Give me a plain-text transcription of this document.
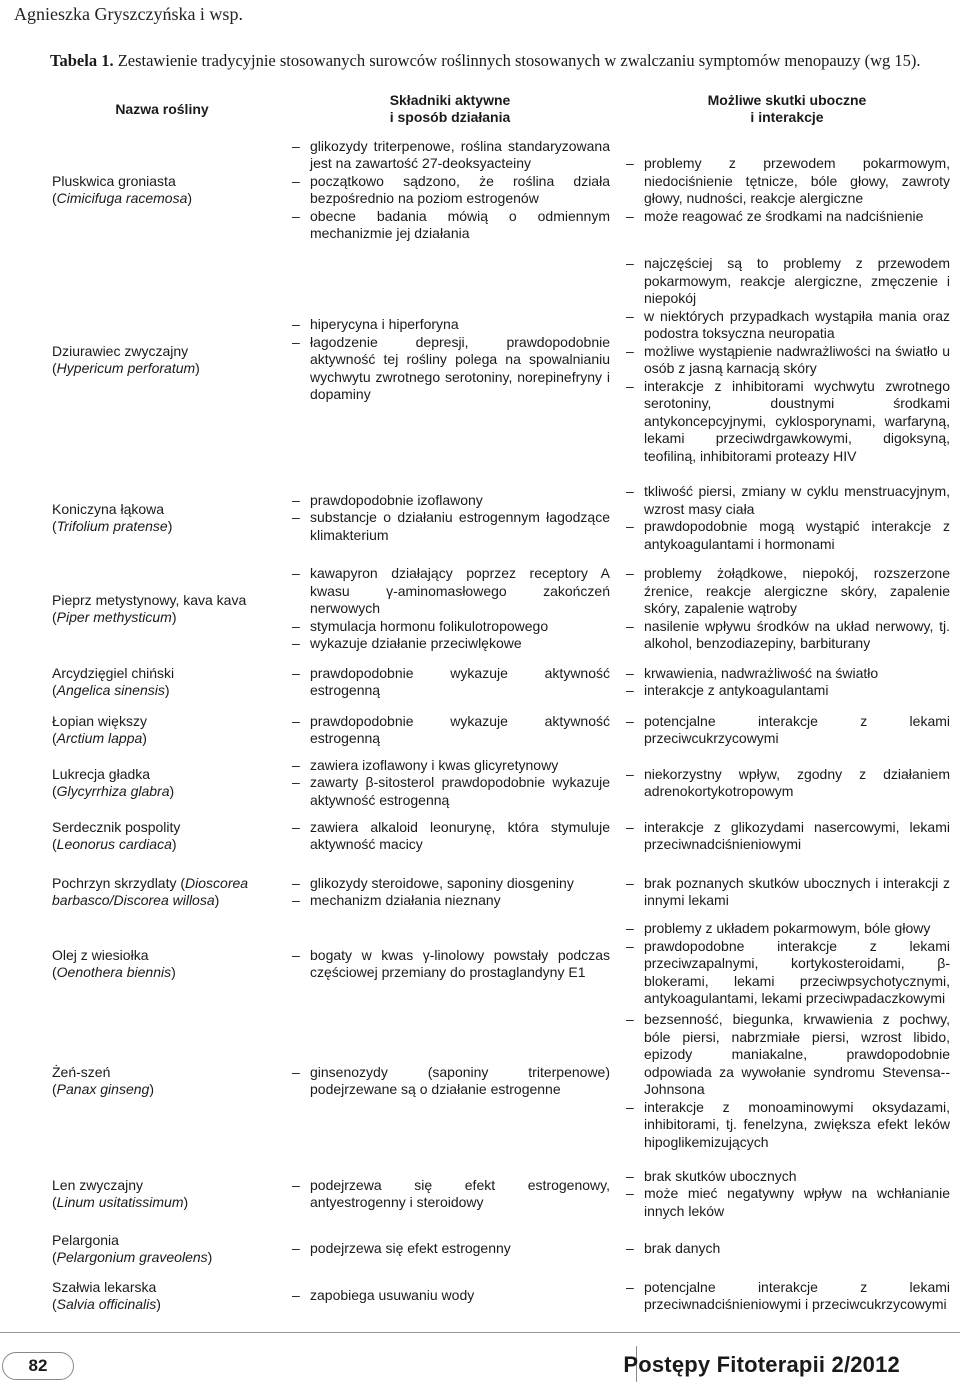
Agnieszka Gryszczyńska i wsp.
Tabela 1. Zestawienie tradycyjnie stosowanych surowców roślinnych stosowanych w zwalczaniu symptomów menopauzy (wg 15).
Nazwa rośliny
Składniki aktywne
i sposób działania
Możliwe skutki uboczne
i interakcje
Pluskwica groniasta
(Cimicifuga racemosa)
– glikozydy triterpenowe, roślina standaryzowana jest na zawartość 27-deoksyacteiny
– początkowo sądzono, że roślina działa bezpośrednio na poziom estrogenów
– obecne badania mówią o odmiennym mechanizmie jej działania
– problemy z przewodem pokarmowym, niedociśnienie tętnicze, bóle głowy, zawroty głowy, nudności, reakcje alergiczne
– może reagować ze środkami na nadciśnienie
Dziurawiec zwyczajny
(Hypericum perforatum)
– hiperycyna i hiperforyna
– łagodzenie depresji, prawdopodobnie aktywność tej rośliny polega na spowalnianiu wychwytu zwrotnego serotoniny, norepinefryny i dopaminy
– najczęściej są to problemy z przewodem pokarmowym, reakcje alergiczne, zmęczenie i niepokój
– w niektórych przypadkach wystąpiła mania oraz podostra toksyczna neuropatia
– możliwe wystąpienie nadwrażliwości na światło u osób z jasną karnacją skóry
– interakcje z inhibitorami wychwytu zwrotnego serotoniny, doustnymi środkami antykoncepcyjnymi, cyklosporynami, warfaryną, lekami przeciwdrgawkowymi, digoksyną, teofiliną, inhibitorami proteazy HIV
Koniczyna łąkowa
(Trifolium pratense)
– prawdopodobnie izoflawony
– substancje o działaniu estrogennym łagodzące klimakterium
– tkliwość piersi, zmiany w cyklu menstruacyjnym, wzrost masy ciała
– prawdopodobnie mogą wystąpić interakcje z antykoagulantami i hormonami
Pieprz metystynowy, kava kava
(Piper methysticum)
– kawapyron działający poprzez receptory A kwasu γ-aminomasłowego zakończeń nerwowych
– stymulacja hormonu folikulotropowego
– wykazuje działanie przeciwlękowe
– problemy żołądkowe, niepokój, rozszerzone źrenice, reakcje alergiczne skóry, zapalenie skóry, zapalenie wątroby
– nasilenie wpływu środków na układ nerwowy, tj. alkohol, benzodiazepiny, barbiturany
Arcydzięgiel chiński
(Angelica sinensis)
– prawdopodobnie wykazuje aktywność estrogenną
– krwawienia, nadwrażliwość na światło
– interakcje z antykoagulantami
Łopian większy
(Arctium lappa)
– prawdopodobnie wykazuje aktywność estrogenną
– potencjalne interakcje z lekami przeciwcukrzycowymi
Lukrecja gładka
(Glycyrrhiza glabra)
– zawiera izoflawony i kwas glicyretynowy
– zawarty β-sitosterol prawdopodobnie wykazuje aktywność estrogenną
– niekorzystny wpływ, zgodny z działaniem adrenokortykotropowym
Serdecznik pospolity
(Leonorus cardiaca)
– zawiera alkaloid leonurynę, która stymuluje aktywność macicy
– interakcje z glikozydami nasercowymi, lekami przeciwnadciśnieniowymi
Pochrzyn skrzydlaty (Dioscorea barbasco/Discorea willosa)
– glikozydy steroidowe, saponiny diosgeniny
– mechanizm działania nieznany
– brak poznanych skutków ubocznych i interakcji z innymi lekami
Olej z wiesiołka
(Oenothera biennis)
– bogaty w kwas γ-linolowy powstały podczas częściowej przemiany do prostaglandyny E1
– problemy z układem pokarmowym, bóle głowy
– prawdopodobne interakcje z lekami przeciwzapalnymi, kortykosteroidami, β-blokerami, lekami przeciwpsychotycznymi, antykoagulantami, lekami przeciwpadaczkowymi
Żeń-szeń
(Panax ginseng)
– ginsenozydy (saponiny triterpenowe) podejrzewane są o działanie estrogenne
– bezsenność, biegunka, krwawienia z pochwy, bóle piersi, nabrzmiałe piersi, wzrost libido, epizody maniakalne, prawdopodobnie odpowiada za wywołanie syndromu Stevensa--Johnsona
– interakcje z monoaminowymi oksydazami, inhibitorami, tj. fenelzyna, zwiększa efekt leków hipoglikemizujących
Len zwyczajny
(Linum usitatissimum)
– podejrzewa się efekt estrogenowy, antyestrogenny i steroidowy
– brak skutków ubocznych
– może mieć negatywny wpływ na wchłanianie innych leków
Pelargonia
(Pelargonium graveolens)
– podejrzewa się efekt estrogenny
–	brak danych
Szałwia lekarska
(Salvia officinalis)
– zapobiega usuwaniu wody
– potencjalne interakcje z lekami przeciwnadciśnieniowymi i przeciwcukrzycowymi
82	Postępy Fitoterapii 2/2012
